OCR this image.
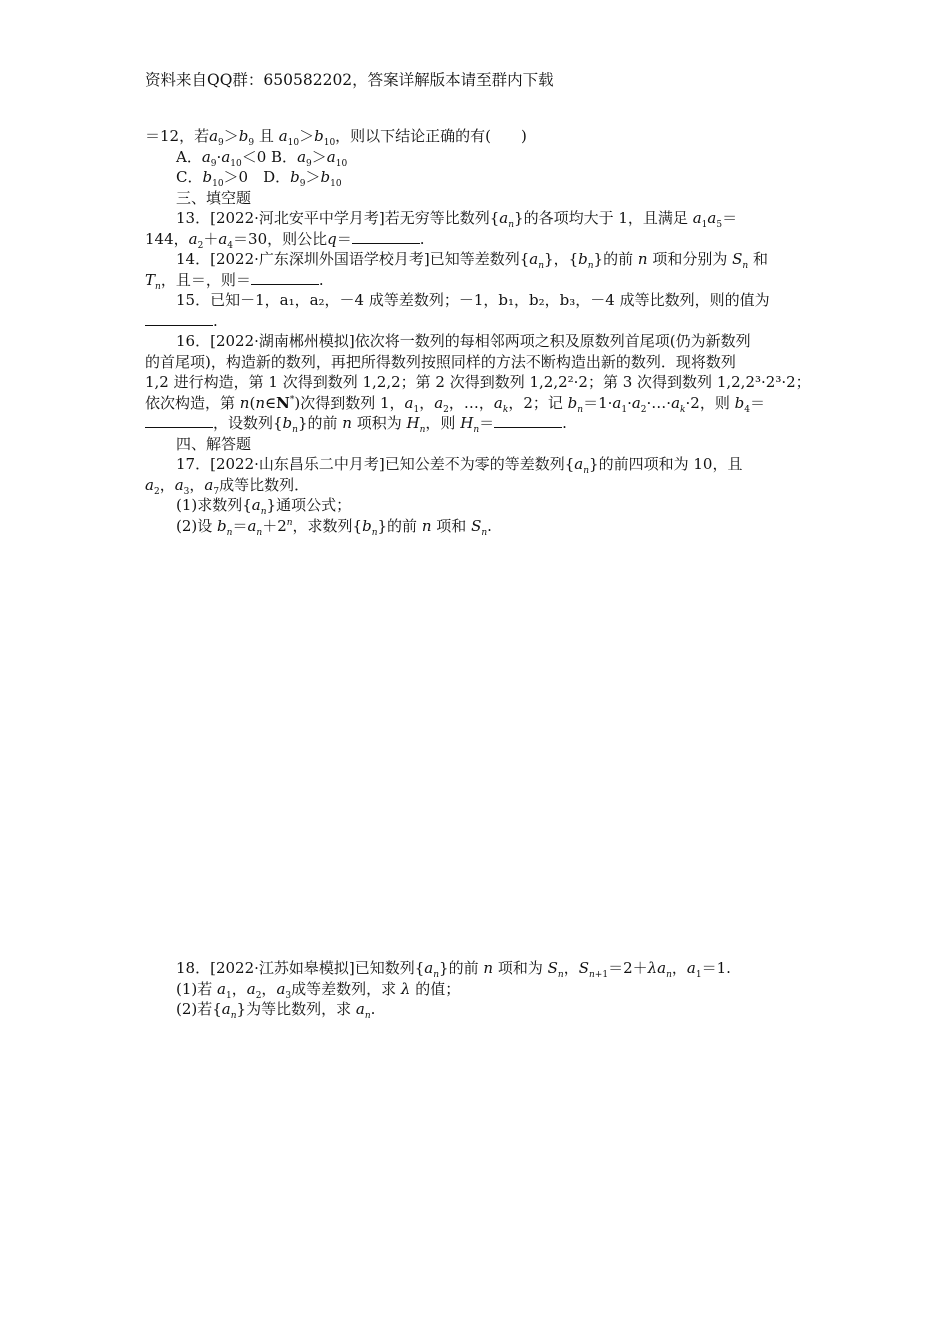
资料来自QQ群：650582202，答案详解版本请至群内下载
＝12，若$a_9>b_9$ 且 $a_{10}>b_{10}$，则以下结论正确的有(　　)
A．$a_9\cdot a_{10}<0$ B．$a_9>a_{10}$
C．$b_{10}>0$　D．$b_9>b_{10}$
三、填空题
13．[2022·河北安平中学月考]若无穷等比数列$\{a_n\}$的各项均大于 1，且满足 $a_1a_5=$
144，$a_2+a_4=30$，则公比q＝	.
14．[2022·广东深圳外国语学校月考]已知等差数列$\{a_n\}$，$\{b_n\}$的前 n 项和分别为 $S_n$ 和
$T_n$，且＝，则＝	.
15．已知－1，a₁，a₂，－4 成等差数列；－1，b₁，b₂，b₃，－4 成等比数列，则的值为
.
16．[2022·湖南郴州模拟]依次将一数列的每相邻两项之积及原数列首尾项(仍为新数列
的首尾项)，构造新的数列，再把所得数列按照同样的方法不断构造出新的数列．现将数列
1,2 进行构造，第 1 次得到数列 1,2,2；第 2 次得到数列 1,2,2²·2；第 3 次得到数列 1,2,2³·2³·2；
依次构造，第 n(n∈N*)次得到数列 1，$a_1$，$a_2$，…，$a_k$，2；记 $b_n=1\cdot a_1\cdot a_2\cdot\dots\cdot a_k\cdot 2$，则 $b_4=$
，设数列$\{b_n\}$的前 n 项积为 $H_n$，则 $H_n=$	.
四、解答题
17．[2022·山东昌乐二中月考]已知公差不为零的等差数列$\{a_n\}$的前四项和为 10，且
$a_2$，$a_3$，$a_7$成等比数列．
(1)求数列$\{a_n\}$通项公式；
(2)设 $b_n=a_n+2^n$，求数列$\{b_n\}$的前 n 项和 $S_n$.
18．[2022·江苏如皋模拟]已知数列$\{a_n\}$的前 n 项和为 $S_n$，$S_{n+1}=2+\lambda a_n$，$a_1=1$.
(1)若 $a_1$，$a_2$，$a_3$成等差数列，求 λ 的值；
(2)若$\{a_n\}$为等比数列，求 $a_n$.
